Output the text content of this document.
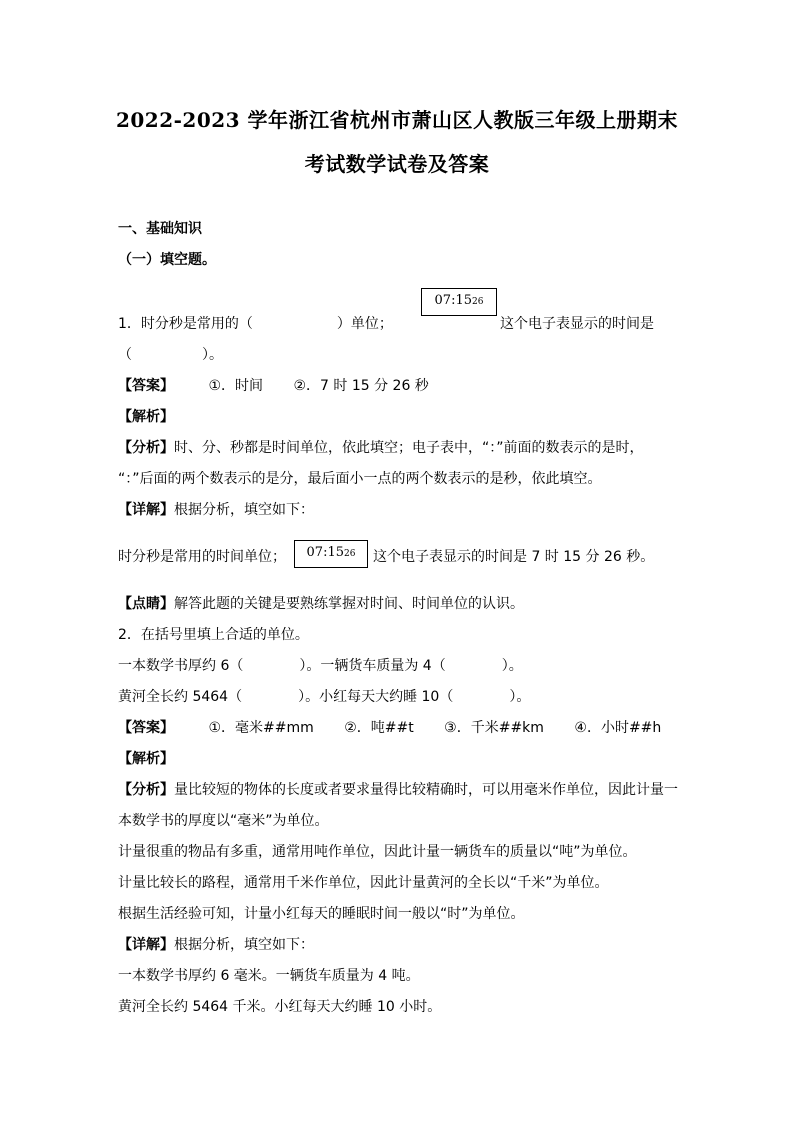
2022-2023 学年浙江省杭州市萧山区人教版三年级上册期末
考试数学试卷及答案
一、基础知识
（一）填空题。
1．时分秒是常用的（　　　　　　）单位；
07:1526
这个电子表显示的时间是
（　　　　　）。
【答案】 ①．时间 ②．7 时 15 分 26 秒
【解析】
【分析】时、分、秒都是时间单位，依此填空；电子表中，“：”前面的数表示的是时，
“：”后面的两个数表示的是分，最后面小一点的两个数表示的是秒，依此填空。
【详解】根据分析，填空如下：
时分秒是常用的时间单位；	07:1526	这个电子表显示的时间是 7 时 15 分 26 秒。
【点睛】解答此题的关键是要熟练掌握对时间、时间单位的认识。
2．在括号里填上合适的单位。
一本数学书厚约 6（　　　　）。一辆货车质量为 4（　　　　）。
黄河全长约 5464（　　　　）。小红每天大约睡 10（　　　　）。
【答案】 ①．毫米##mm ②．吨##t ③．千米##km ④．小时##h
【解析】
【分析】量比较短的物体的长度或者要求量得比较精确时，可以用毫米作单位，因此计量一
本数学书的厚度以“毫米”为单位。
计量很重的物品有多重，通常用吨作单位，因此计量一辆货车的质量以“吨”为单位。
计量比较长的路程，通常用千米作单位，因此计量黄河的全长以“千米”为单位。
根据生活经验可知，计量小红每天的睡眠时间一般以“时”为单位。
【详解】根据分析，填空如下：
一本数学书厚约 6 毫米。一辆货车质量为 4 吨。
黄河全长约 5464 千米。小红每天大约睡 10 小时。
